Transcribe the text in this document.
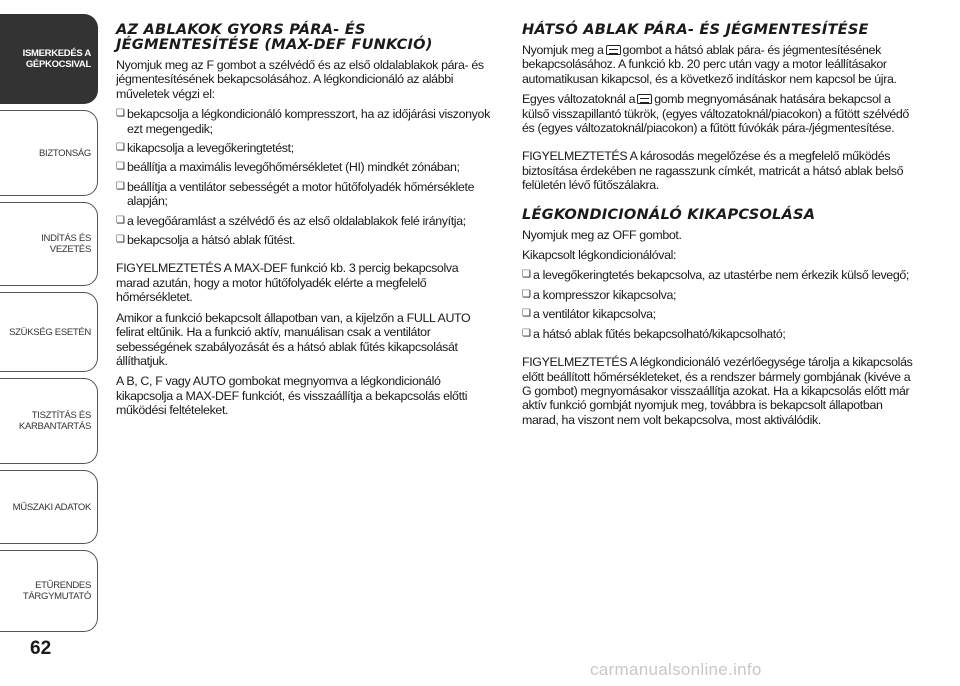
ISMERKEDÉS A
GÉPKOCSIVAL
BIZTONSÁG
INDÍTÁS ÉS VEZETÉS
SZÜKSÉG ESETÉN
TISZTÍTÁS ÉS
KARBANTARTÁS
MŰSZAKI ADATOK
ETŰRENDES
TÁRGYMUTATÓ
62
AZ ABLAKOK GYORS PÁRA- ÉS JÉGMENTESÍTÉSE (MAX-DEF FUNKCIÓ)

Nyomjuk meg az F gombot a szélvédő és az első oldalablakok pára- és jégmentesítésének bekapcsolásához. A légkondicionáló az alábbi műveletek végzi el:

❏ bekapcsolja a légkondicionáló kompresszort, ha az időjárási viszonyok ezt megengedik;
❏ kikapcsolja a levegőkeringtetést;
❏ beállítja a maximális levegőhőmérsékletet (HI) mindkét zónában;
❏ beállítja a ventilátor sebességét a motor hűtőfolyadék hőmérséklete alapján;
❏ a levegőáramlást a szélvédő és az első oldalablakok felé irányítja;
❏ bekapcsolja a hátsó ablak fűtést.

FIGYELMEZTETÉS A MAX-DEF funkció kb. 3 percig bekapcsolva marad azután, hogy a motor hűtőfolyadék elérte a megfelelő hőmérsékletet.

Amikor a funkció bekapcsolt állapotban van, a kijelzőn a FULL AUTO felirat eltűnik. Ha a funkció aktív, manuálisan csak a ventilátor sebességének szabályozását és a hátsó ablak fűtés kikapcsolását állíthatjuk.

A B, C, F vagy AUTO gombokat megnyomva a légkondicionáló kikapcsolja a MAX-DEF funkciót, és visszaállítja a bekapcsolás előtti működési feltételeket.

HÁTSÓ ABLAK PÁRA- ÉS JÉGMENTESÍTÉSE

Nyomjuk meg a gombot a hátsó ablak pára- és jégmentesítésének bekapcsolásához. A funkció kb. 20 perc után vagy a motor leállításakor automatikusan kikapcsol, és a következő indításkor nem kapcsol be újra.

Egyes változatoknál a gomb megnyomásának hatására bekapcsol a külső visszapillantó tükrök, (egyes változatoknál/piacokon) a fűtött szélvédő és (egyes változatoknál/piacokon) a fűtött fúvókák pára-/jégmentesítése.

FIGYELMEZTETÉS A károsodás megelőzése és a megfelelő működés biztosítása érdekében ne ragasszunk címkét, matricát a hátsó ablak belső felületén lévő fűtőszálakra.

LÉGKONDICIONÁLÓ KIKAPCSOLÁSA

Nyomjuk meg az OFF gombot.

Kikapcsolt légkondicionálóval:

❏ a levegőkeringtetés bekapcsolva, az utastérbe nem érkezik külső levegő;
❏ a kompresszor kikapcsolva;
❏ a ventilátor kikapcsolva;
❏ a hátsó ablak fűtés bekapcsolható/kikapcsolható;

FIGYELMEZTETÉS A légkondicionáló vezérlőegysége tárolja a kikapcsolás előtt beállított hőmérsékleteket, és a rendszer bármely gombjának (kivéve a G gombot) megnyomásakor visszaállítja azokat. Ha a kikapcsolás előtt már aktív funkció gombját nyomjuk meg, továbbra is bekapcsolt állapotban marad, ha viszont nem volt bekapcsolva, most aktiválódik.

carmanualsonline.info
